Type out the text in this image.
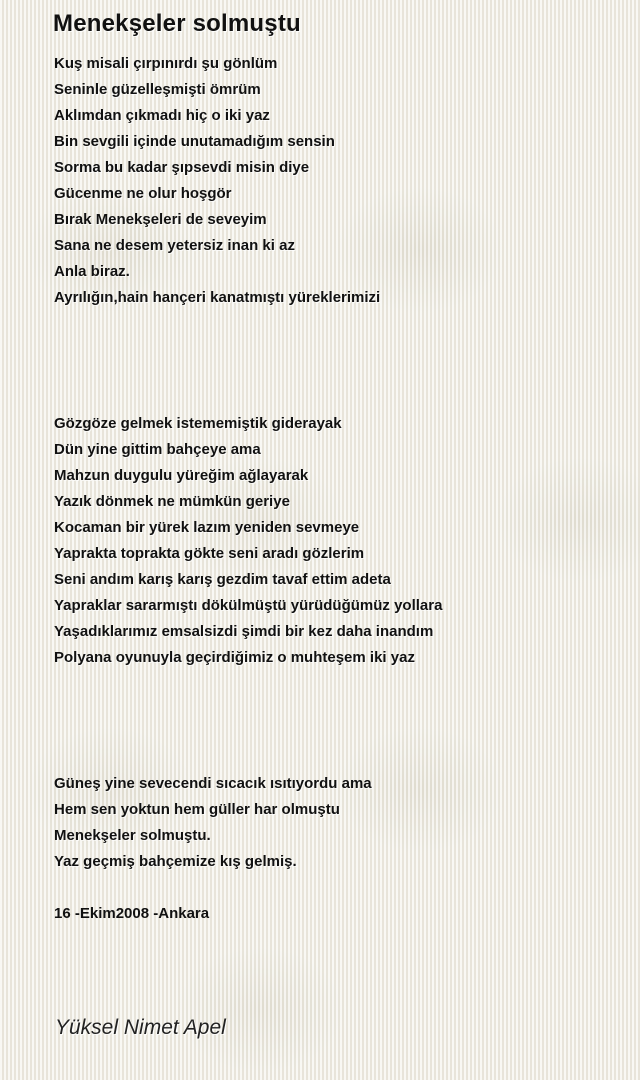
Menekşeler solmuştu
Kuş misali çırpınırdı şu gönlüm
Seninle güzelleşmişti ömrüm
Aklımdan çıkmadı hiç o iki yaz
Bin sevgili içinde unutamadığım sensin
Sorma bu kadar şıpsevdi misin diye
Gücenme ne olur hoşgör
Bırak Menekşeleri de seveyim
Sana ne desem yetersiz inan ki az
Anla biraz.
Ayrılığın,hain hançeri kanatmıştı yüreklerimizi
Gözgöze gelmek istememiştik giderayak
Dün yine gittim bahçeye ama
Mahzun duygulu yüreğim ağlayarak
Yazık dönmek ne mümkün geriye
Kocaman bir yürek lazım yeniden sevmeye
Yaprakta toprakta gökte seni aradı gözlerim
Seni andım karış karış gezdim tavaf ettim adeta
Yapraklar sararmıştı dökülmüştü yürüdüğümüz yollara
Yaşadıklarımız emsalsizdi şimdi bir kez daha inandım
Polyana oyunuyla geçirdiğimiz o muhteşem iki yaz
Güneş yine sevecendi sıcacık ısıtıyordu ama
Hem sen yoktun hem güller har olmuştu
Menekşeler solmuştu.
Yaz geçmiş bahçemize kış gelmiş.
16 -Ekim2008 -Ankara
Yüksel Nimet Apel
